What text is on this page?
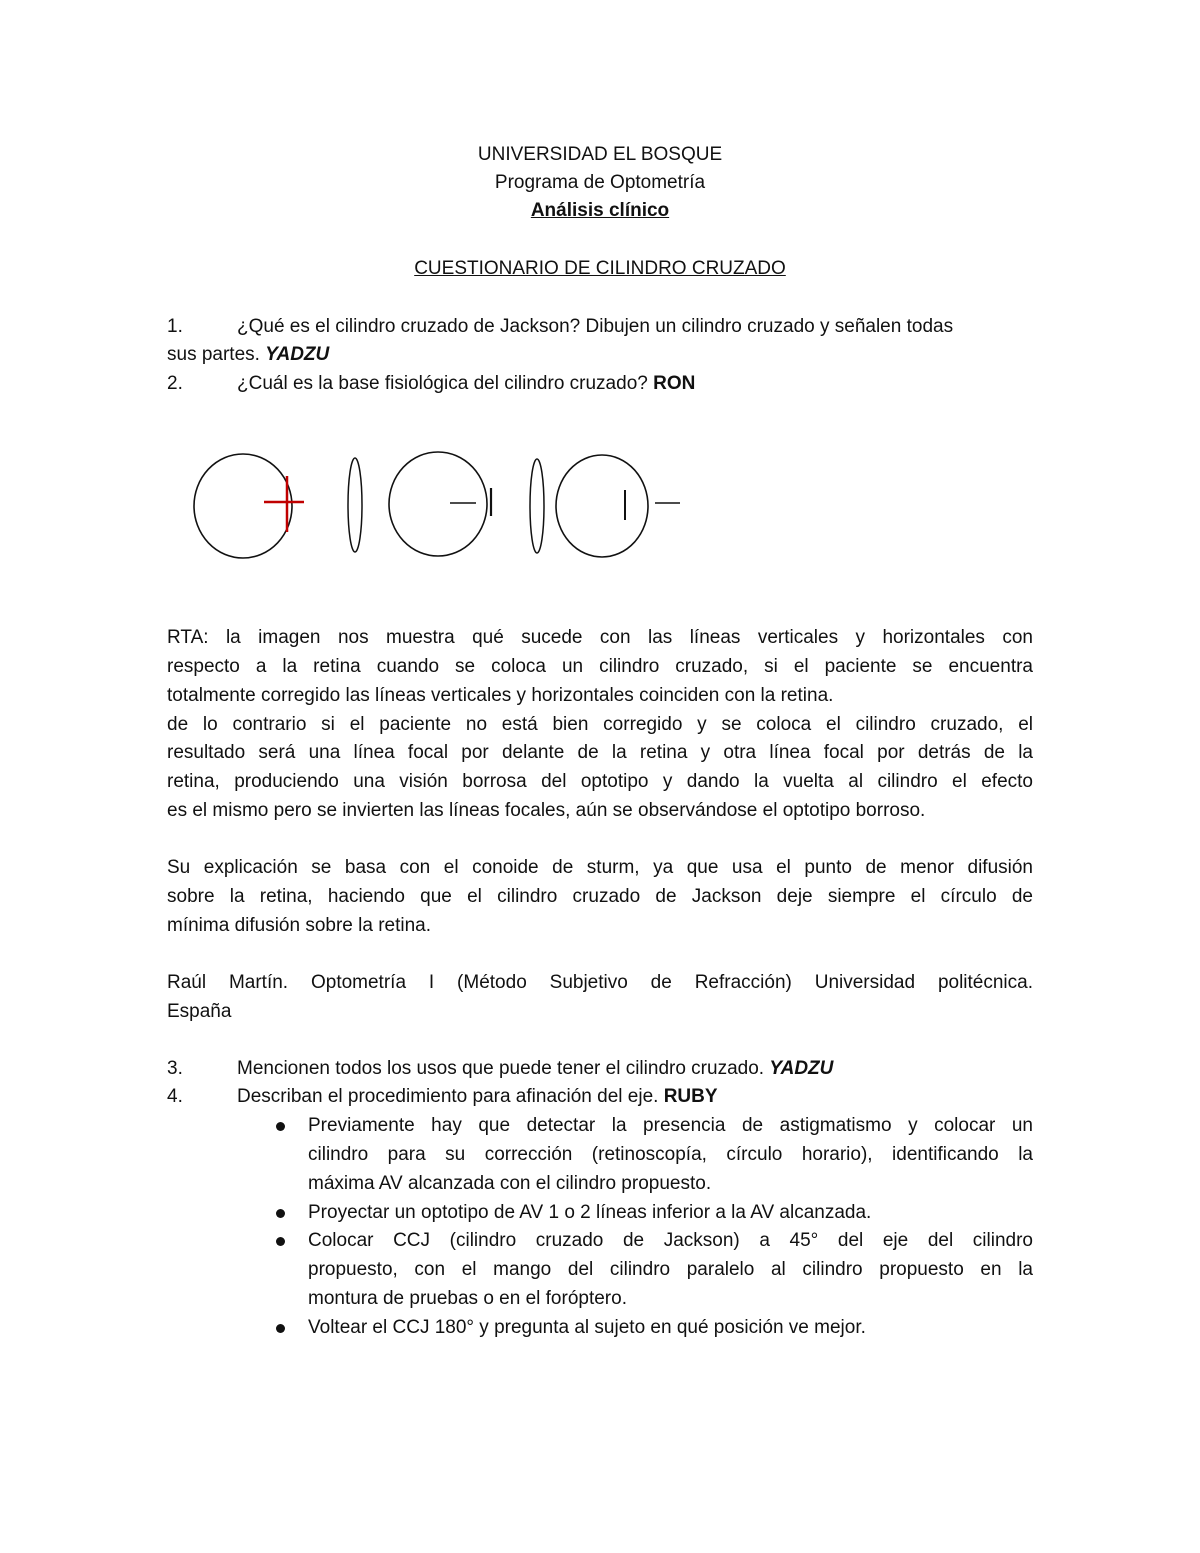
UNIVERSIDAD EL BOSQUE
Programa de Optometría
Análisis clínico
CUESTIONARIO DE CILINDRO CRUZADO
1.	¿Qué es el cilindro cruzado de Jackson? Dibujen un cilindro cruzado y señalen todas
sus partes. YADZU
2.	¿Cuál es la base fisiológica del cilindro cruzado? RON
RTA: la imagen nos muestra qué sucede con las líneas verticales y horizontales con
respecto a la retina cuando se coloca un cilindro cruzado, si el paciente se encuentra
totalmente corregido las líneas verticales y horizontales coinciden con la retina.
de lo contrario si el paciente no está bien corregido y se coloca el cilindro cruzado, el
resultado será una línea focal por delante de la retina y otra línea focal por detrás de la
retina, produciendo una visión borrosa del optotipo y dando la vuelta al cilindro el efecto
es el mismo pero se invierten las líneas focales, aún se observándose el optotipo borroso.
Su explicación se basa con el conoide de sturm, ya que usa el punto de menor difusión
sobre la retina, haciendo que el cilindro cruzado de Jackson deje siempre el círculo de
mínima difusión sobre la retina.
Raúl Martín. Optometría I (Método Subjetivo de Refracción) Universidad politécnica.
España
3.	Mencionen todos los usos que puede tener el cilindro cruzado. YADZU
4.	Describan el procedimiento para afinación del eje. RUBY
Previamente hay que detectar la presencia de astigmatismo y colocar un
cilindro para su corrección (retinoscopía, círculo horario), identificando la
máxima AV alcanzada con el cilindro propuesto.
Proyectar un optotipo de AV 1 o 2 líneas inferior a la AV alcanzada.
Colocar CCJ (cilindro cruzado de Jackson) a 45° del eje del cilindro
propuesto, con el mango del cilindro paralelo al cilindro propuesto en la
montura de pruebas o en el foróptero.
Voltear el CCJ 180° y pregunta al sujeto en qué posición ve mejor.
